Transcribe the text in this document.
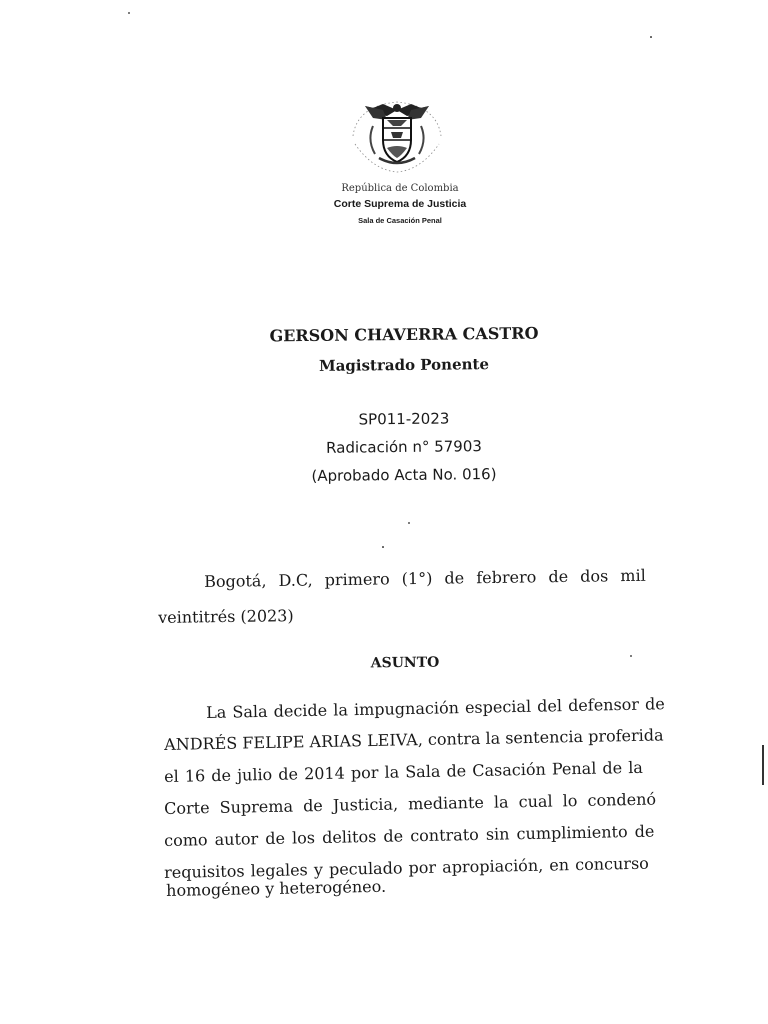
República de Colombia
Corte Suprema de Justicia
Sala de Casación Penal
GERSON CHAVERRA CASTRO
Magistrado Ponente
SP011-2023
Radicación n° 57903
(Aprobado Acta No. 016)
Bogotá, D.C, primero (1°) de febrero de dos mil
veintitrés (2023)
ASUNTO
La Sala decide la impugnación especial del defensor de
ANDRÉS FELIPE ARIAS LEIVA, contra la sentencia proferida
el 16 de julio de 2014 por la Sala de Casación Penal de la
Corte Suprema de Justicia, mediante la cual lo condenó
como autor de los delitos de contrato sin cumplimiento de
requisitos legales y peculado por apropiación, en concurso
homogéneo y heterogéneo.
